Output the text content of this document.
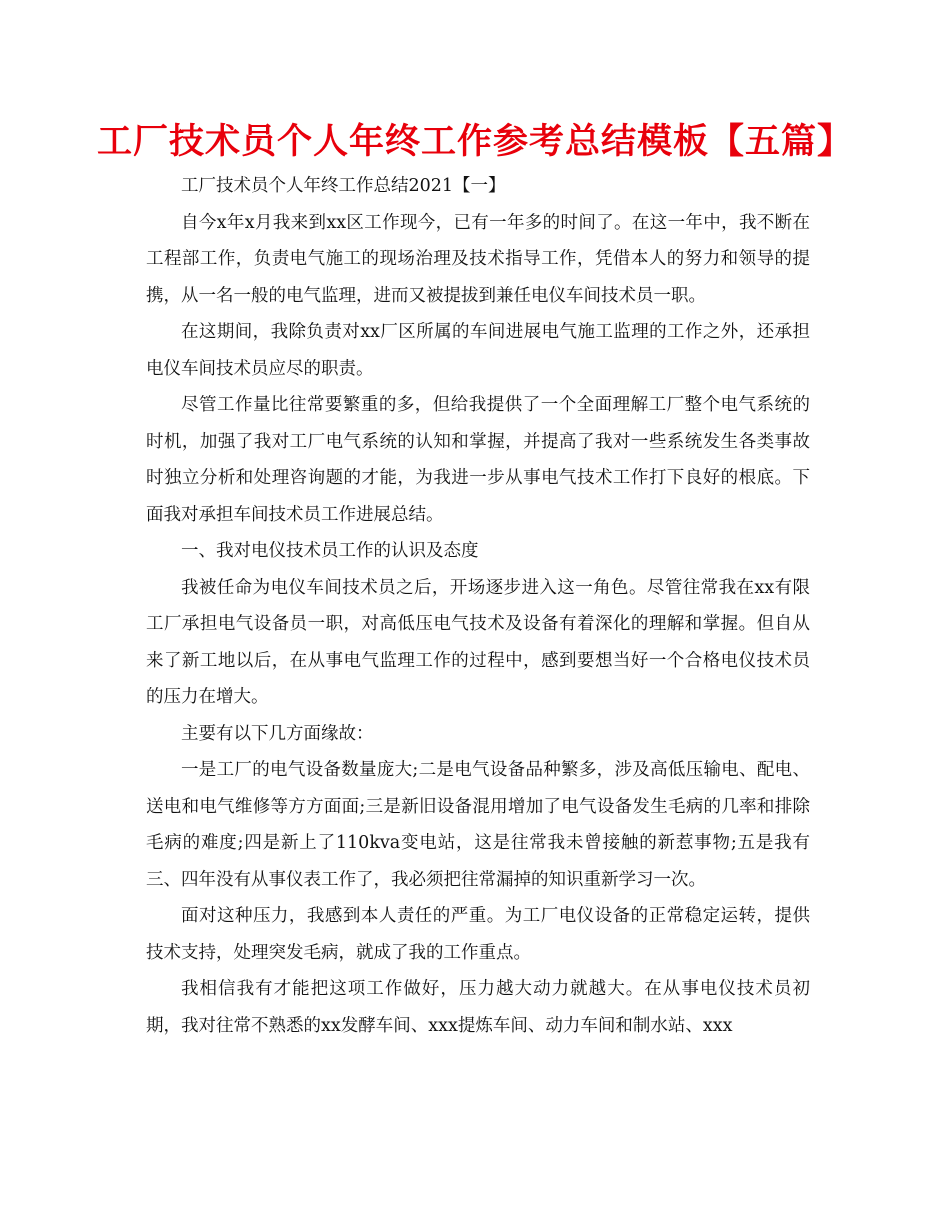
工厂技术员个人年终工作参考总结模板【五篇】

工厂技术员个人年终工作总结2021【一】

自今x年x月我来到xx区工作现今，已有一年多的时间了。在这一年中，我不断在工程部工作，负责电气施工的现场治理及技术指导工作，凭借本人的努力和领导的提携，从一名一般的电气监理，进而又被提拔到兼任电仪车间技术员一职。

在这期间，我除负责对xx厂区所属的车间进展电气施工监理的工作之外，还承担电仪车间技术员应尽的职责。

尽管工作量比往常要繁重的多，但给我提供了一个全面理解工厂整个电气系统的时机，加强了我对工厂电气系统的认知和掌握，并提高了我对一些系统发生各类事故时独立分析和处理咨询题的才能，为我进一步从事电气技术工作打下良好的根底。下面我对承担车间技术员工作进展总结。

一、我对电仪技术员工作的认识及态度

我被任命为电仪车间技术员之后，开场逐步进入这一角色。尽管往常我在xx有限工厂承担电气设备员一职，对高低压电气技术及设备有着深化的理解和掌握。但自从来了新工地以后，在从事电气监理工作的过程中，感到要想当好一个合格电仪技术员的压力在增大。

主要有以下几方面缘故：

一是工厂的电气设备数量庞大;二是电气设备品种繁多，涉及高低压输电、配电、送电和电气维修等方方面面;三是新旧设备混用增加了电气设备发生毛病的几率和排除毛病的难度;四是新上了110kva变电站，这是往常我未曾接触的新惹事物;五是我有三、四年没有从事仪表工作了，我必须把往常漏掉的知识重新学习一次。

面对这种压力，我感到本人责任的严重。为工厂电仪设备的正常稳定运转，提供技术支持，处理突发毛病，就成了我的工作重点。

我相信我有才能把这项工作做好，压力越大动力就越大。在从事电仪技术员初期，我对往常不熟悉的xx发酵车间、xxx提炼车间、动力车间和制水站、xxx
